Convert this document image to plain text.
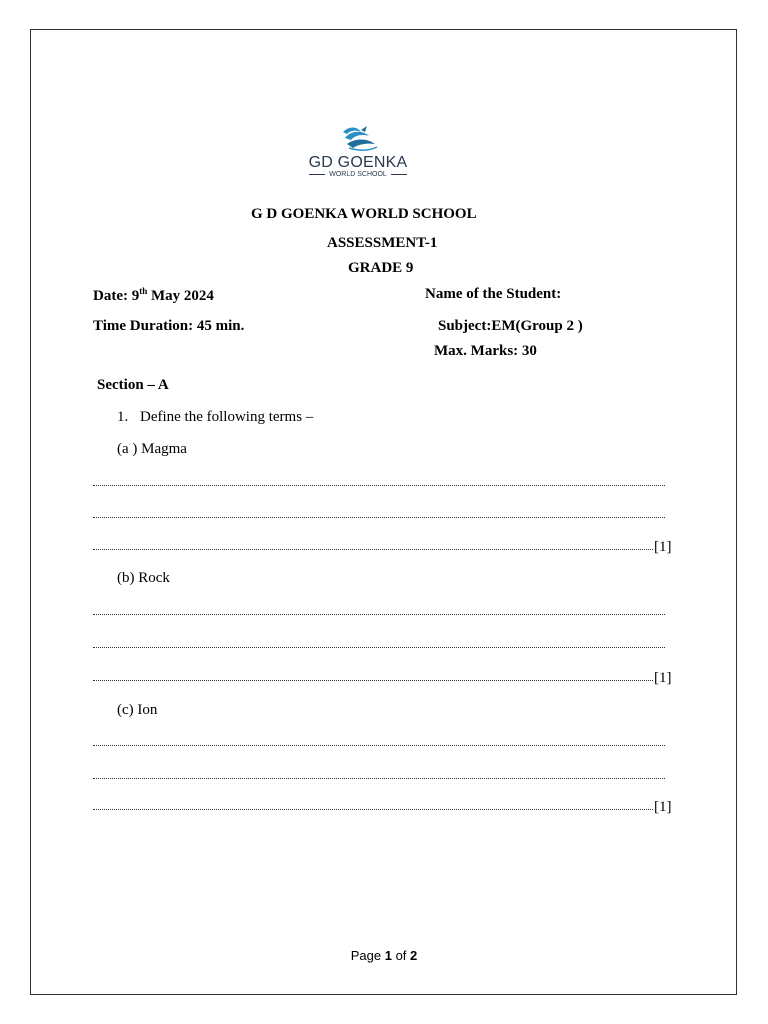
GD GOENKA
WORLD SCHOOL
G D GOENKA WORLD SCHOOL
ASSESSMENT-1
GRADE 9
Date: 9th May 2024	Name of the Student:
Time Duration: 45 min.	Subject:EM(Group 2 )
Max. Marks: 30
Section – A
1. Define the following terms –
(a ) Magma
[1]
(b) Rock
[1]
(c) Ion
[1]
Page 1 of 2
